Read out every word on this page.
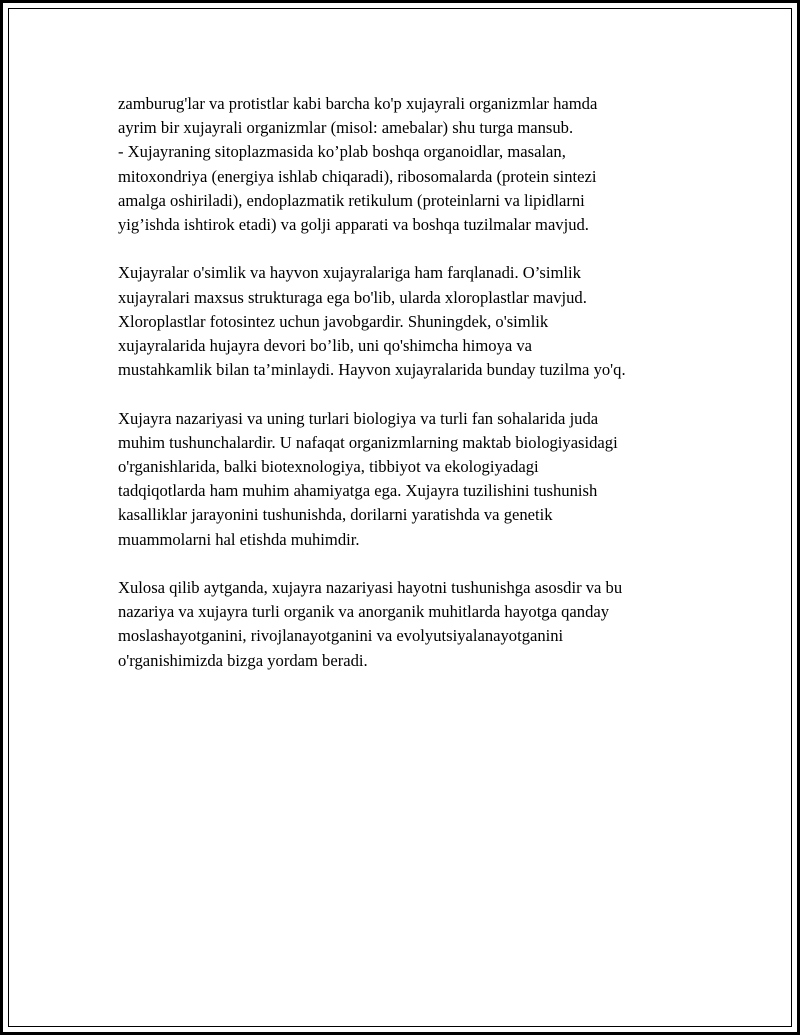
zamburug'lar va protistlar kabi barcha ko'p xujayrali organizmlar hamda
ayrim bir xujayrali organizmlar (misol: amebalar) shu turga mansub.
- Xujayraning sitoplazmasida ko’plab boshqa organoidlar, masalan,
mitoxondriya (energiya ishlab chiqaradi), ribosomalarda (protein sintezi
amalga oshiriladi), endoplazmatik retikulum (proteinlarni va lipidlarni
yig’ishda ishtirok etadi) va golji apparati va boshqa tuzilmalar mavjud.

Xujayralar o'simlik va hayvon xujayralariga ham farqlanadi. O’simlik
xujayralari maxsus strukturaga ega bo'lib, ularda xloroplastlar mavjud.
Xloroplastlar fotosintez uchun javobgardir. Shuningdek, o'simlik
xujayralarida hujayra devori bo’lib, uni qo'shimcha himoya va
mustahkamlik bilan ta’minlaydi. Hayvon xujayralarida bunday tuzilma yo'q.

Xujayra nazariyasi va uning turlari biologiya va turli fan sohalarida juda
muhim tushunchalardir. U nafaqat organizmlarning maktab biologiyasidagi
o'rganishlarida, balki biotexnologiya, tibbiyot va ekologiyadagi
tadqiqotlarda ham muhim ahamiyatga ega. Xujayra tuzilishini tushunish
kasalliklar jarayonini tushunishda, dorilarni yaratishda va genetik
muammolarni hal etishda muhimdir.

Xulosa qilib aytganda, xujayra nazariyasi hayotni tushunishga asosdir va bu
nazariya va xujayra turli organik va anorganik muhitlarda hayotga qanday
moslashayotganini, rivojlanayotganini va evolyutsiyalanayotganini
o'rganishimizda bizga yordam beradi.
